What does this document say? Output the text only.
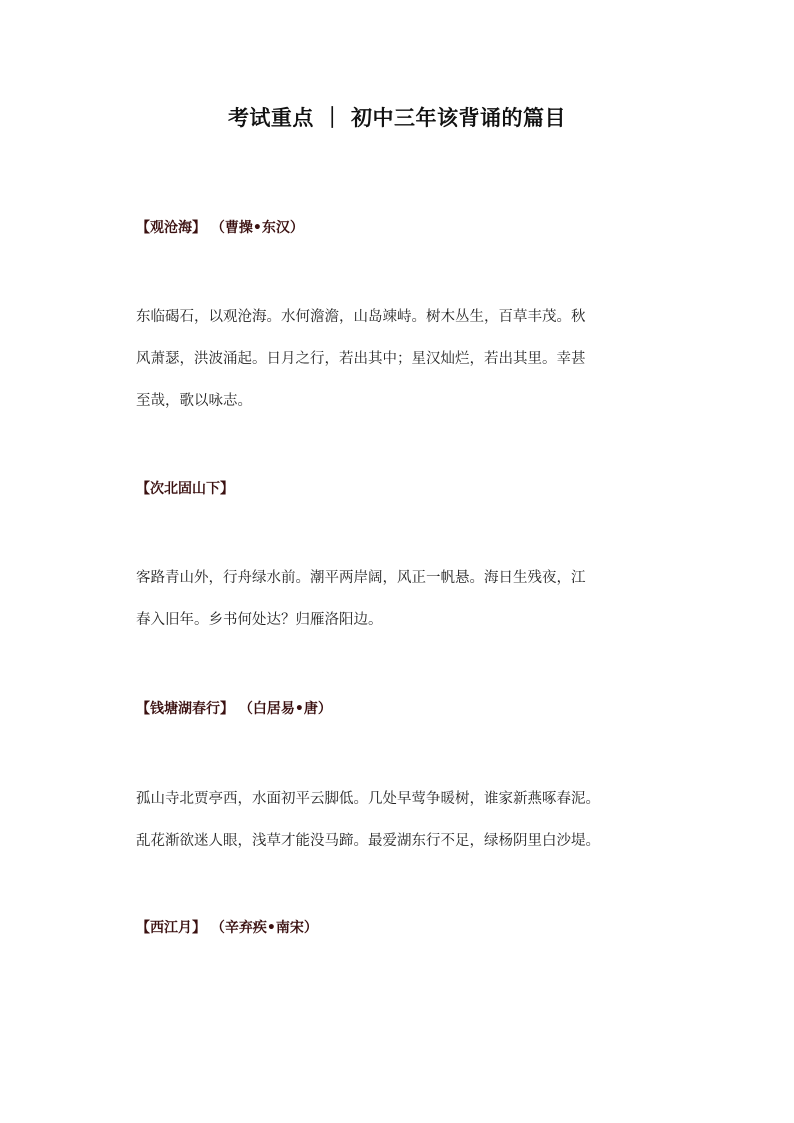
考试重点 ｜ 初中三年该背诵的篇目
【观沧海】 （曹操•东汉）
东临碣石，以观沧海。水何澹澹，山岛竦峙。树木丛生，百草丰茂。秋
风萧瑟，洪波涌起。日月之行，若出其中；星汉灿烂，若出其里。幸甚
至哉，歌以咏志。
【次北固山下】
客路青山外，行舟绿水前。潮平两岸阔，风正一帆悬。海日生残夜，江
春入旧年。乡书何处达？归雁洛阳边。
【钱塘湖春行】 （白居易•唐）
孤山寺北贾亭西，水面初平云脚低。几处早莺争暖树，谁家新燕啄春泥。
乱花渐欲迷人眼，浅草才能没马蹄。最爱湖东行不足，绿杨阴里白沙堤。
【西江月】 （辛弃疾•南宋）
